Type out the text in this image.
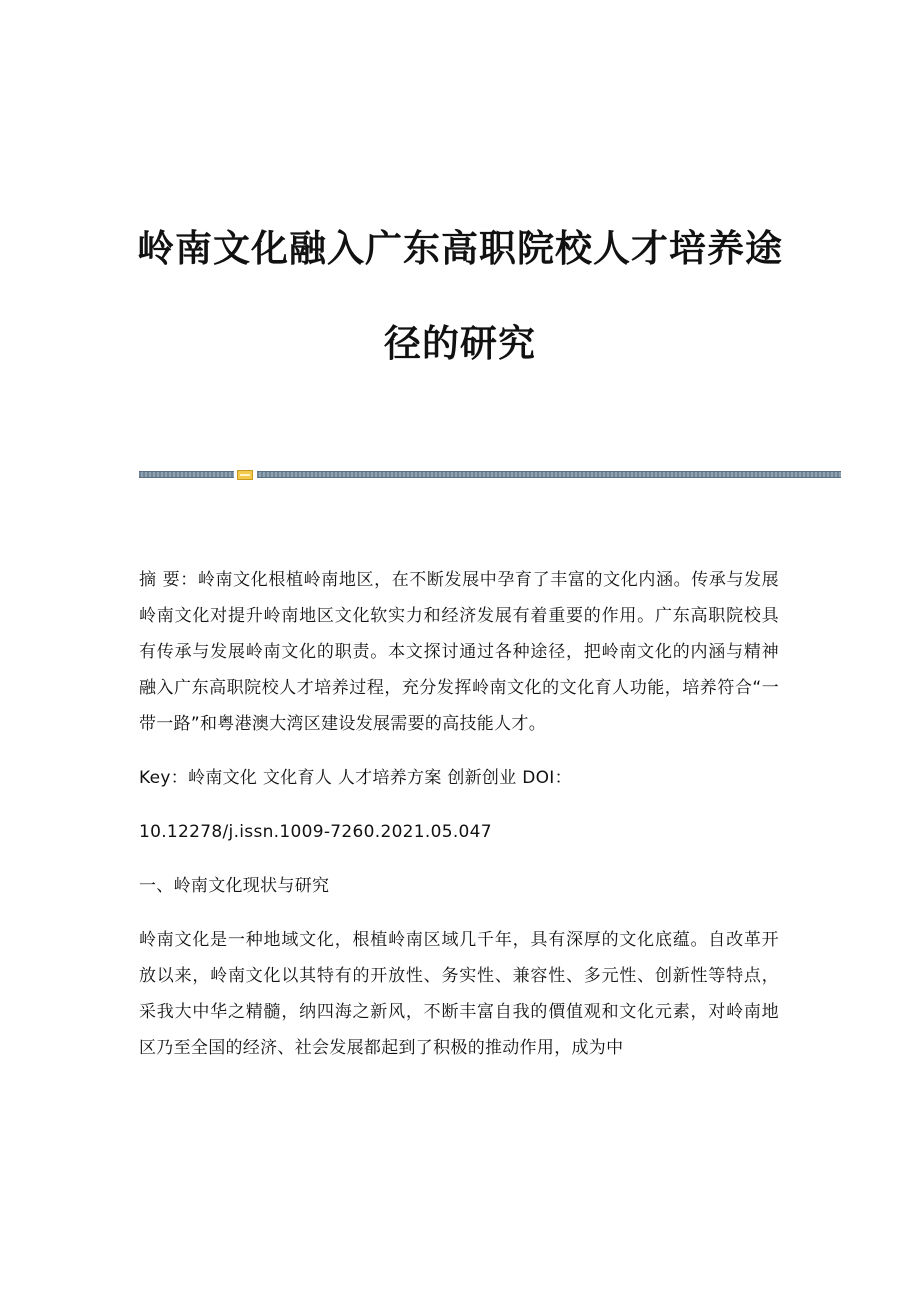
岭南文化融入广东高职院校人才培养途
径的研究

摘 要：岭南文化根植岭南地区，在不断发展中孕育了丰富的文化内涵。传承与发展岭南文化对提升岭南地区文化软实力和经济发展有着重要的作用。广东高职院校具有传承与发展岭南文化的职责。本文探讨通过各种途径，把岭南文化的内涵与精神融入广东高职院校人才培养过程，充分发挥岭南文化的文化育人功能，培养符合“一带一路”和粤港澳大湾区建设发展需要的高技能人才。

Key：岭南文化 文化育人 人才培养方案 创新创业 DOI：
10.12278/j.issn.1009-7260.2021.05.047
一、岭南文化现状与研究

岭南文化是一种地域文化，根植岭南区域几千年，具有深厚的文化底蕴。自改革开放以来，岭南文化以其特有的开放性、务实性、兼容性、多元性、创新性等特点，采我大中华之精髓，纳四海之新风，不断丰富自我的價值观和文化元素，对岭南地区乃至全国的经济、社会发展都起到了积极的推动作用，成为中
